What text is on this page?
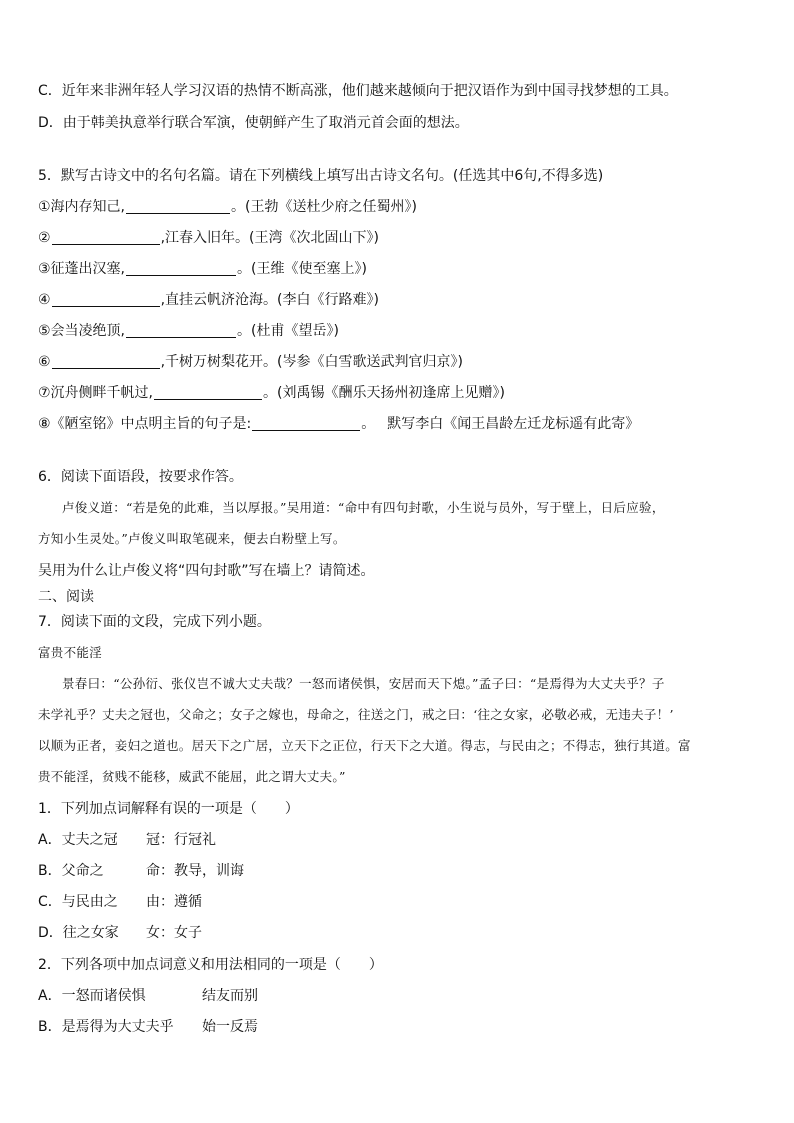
C．近年来非洲年轻人学习汉语的热情不断高涨，他们越来越倾向于把汉语作为到中国寻找梦想的工具。
D．由于韩美执意举行联合军演，使朝鲜产生了取消元首会面的想法。
5．默写古诗文中的名句名篇。请在下列横线上填写出古诗文名句。(任选其中6句,不得多选)
①海内存知己,	。(王勃《送杜少府之任蜀州》)
②	,江春入旧年。(王湾《次北固山下》)
③征蓬出汉塞,	。(王维《使至塞上》)
④	,直挂云帆济沧海。(李白《行路难》)
⑤会当凌绝顶,	。(杜甫《望岳》)
⑥	,千树万树梨花开。(岑参《白雪歌送武判官归京》)
⑦沉舟侧畔千帆过,	。(刘禹锡《酬乐天扬州初逢席上见赠》)
⑧《陋室铭》中点明主旨的句子是:	。 默写李白《闻王昌龄左迁龙标遥有此寄》
6．阅读下面语段，按要求作答。
卢俊义道：“若是免的此难，当以厚报。”吴用道：“命中有四句封歌，小生说与员外，写于壁上，日后应验，
方知小生灵处。”卢俊义叫取笔砚来，便去白粉壁上写。
吴用为什么让卢俊义将“四句封歌”写在墙上？请简述。
二、阅读
7．阅读下面的文段，完成下列小题。
富贵不能淫
景春曰：“公孙衍、张仪岂不诚大丈夫哉？一怒而诸侯惧，安居而天下熄。”孟子曰：“是焉得为大丈夫乎？子
未学礼乎？丈夫之冠也，父命之；女子之嫁也，母命之，往送之门，戒之曰：‘往之女家，必敬必戒，无违夫子！’
以顺为正者，妾妇之道也。居天下之广居，立天下之正位，行天下之大道。得志，与民由之；不得志，独行其道。富
贵不能淫，贫贱不能移，威武不能屈，此之谓大丈夫。”
1．下列加点词解释有误的一项是（　　）
A．丈夫之冠 冠：行冠礼
B．父命之	命：教导，训诲
C．与民由之 由：遵循
D．往之女家 女：女子
2．下列各项中加点词意义和用法相同的一项是（　　）
A．一怒而诸侯惧	结友而别
B．是焉得为大丈夫乎 始一反焉
